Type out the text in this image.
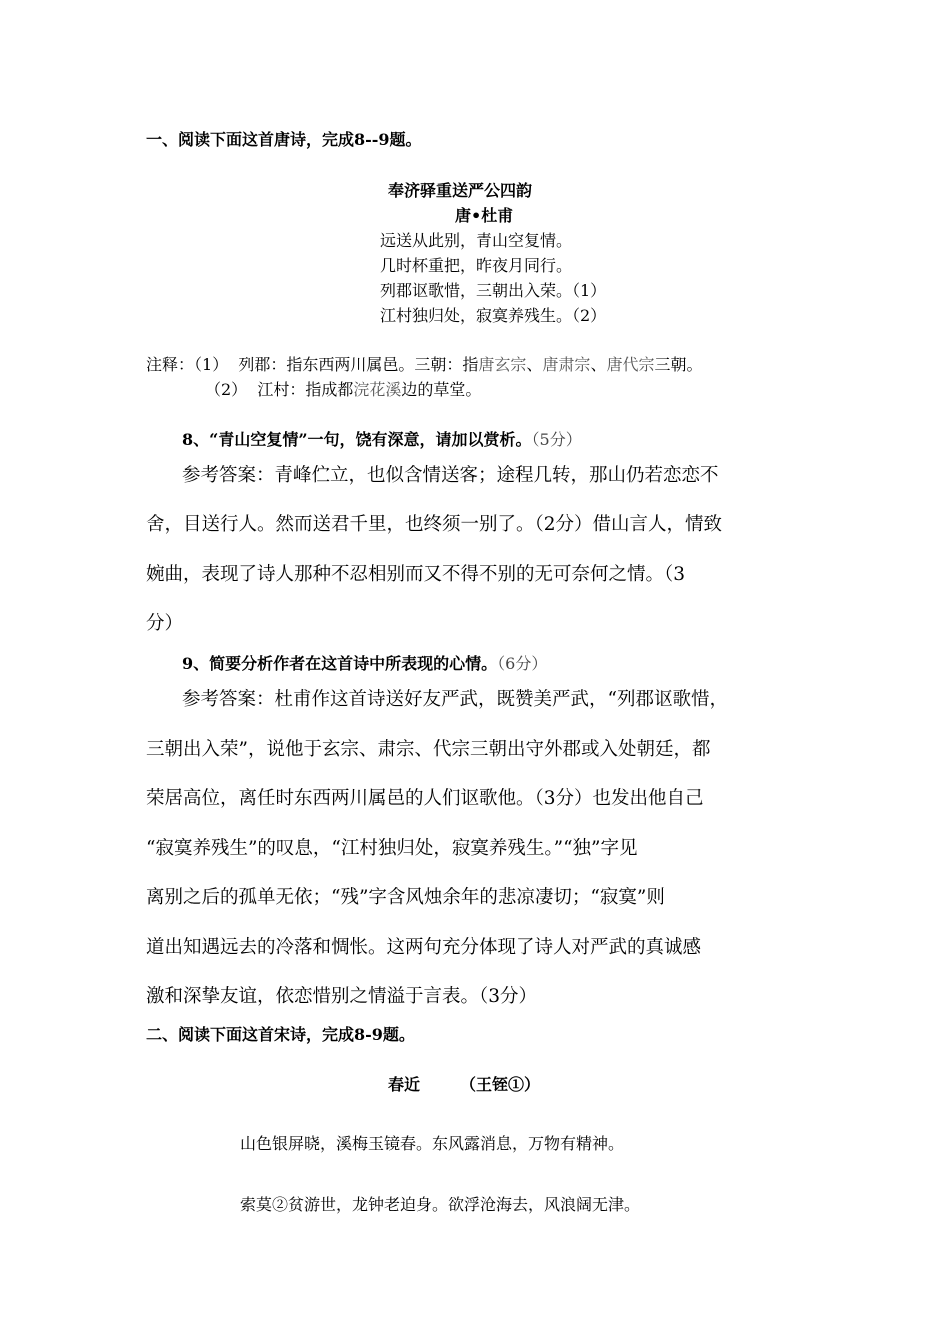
一、阅读下面这首唐诗，完成8--9题。
奉济驿重送严公四韵
唐•杜甫
远送从此别，青山空复情。
几时杯重把，昨夜月同行。
列郡讴歌惜，三朝出入荣。（1）
江村独归处，寂寞养残生。（2）
注释：（1） 列郡：指东西两川属邑。三朝：指唐玄宗、唐肃宗、唐代宗三朝。
（2） 江村：指成都浣花溪边的草堂。
8、“青山空复情”一句，饶有深意，请加以赏析。（5分）
参考答案：青峰伫立，也似含情送客；途程几转，那山仍若恋恋不
舍，目送行人。然而送君千里，也终须一别了。（2分）借山言人，情致
婉曲，表现了诗人那种不忍相别而又不得不别的无可奈何之情。（3
分）
9、简要分析作者在这首诗中所表现的心情。（6分）
参考答案：杜甫作这首诗送好友严武，既赞美严武，“列郡讴歌惜，
三朝出入荣”，说他于玄宗、肃宗、代宗三朝出守外郡或入处朝廷，都
荣居高位，离任时东西两川属邑的人们讴歌他。（3分）也发出他自己
“寂寞养残生”的叹息，“江村独归处，寂寞养残生。”“独”字见
离别之后的孤单无依；“残”字含风烛余年的悲凉凄切；“寂寞”则
道出知遇远去的冷落和惆怅。这两句充分体现了诗人对严武的真诚感
激和深挚友谊，依恋惜别之情溢于言表。（3分）
二、阅读下面这首宋诗，完成8-9题。
春近 （王铚①）
山色银屏晓，溪梅玉镜春。东风露消息，万物有精神。
索莫②贫游世，龙钟老迫身。欲浮沧海去，风浪阔无津。
